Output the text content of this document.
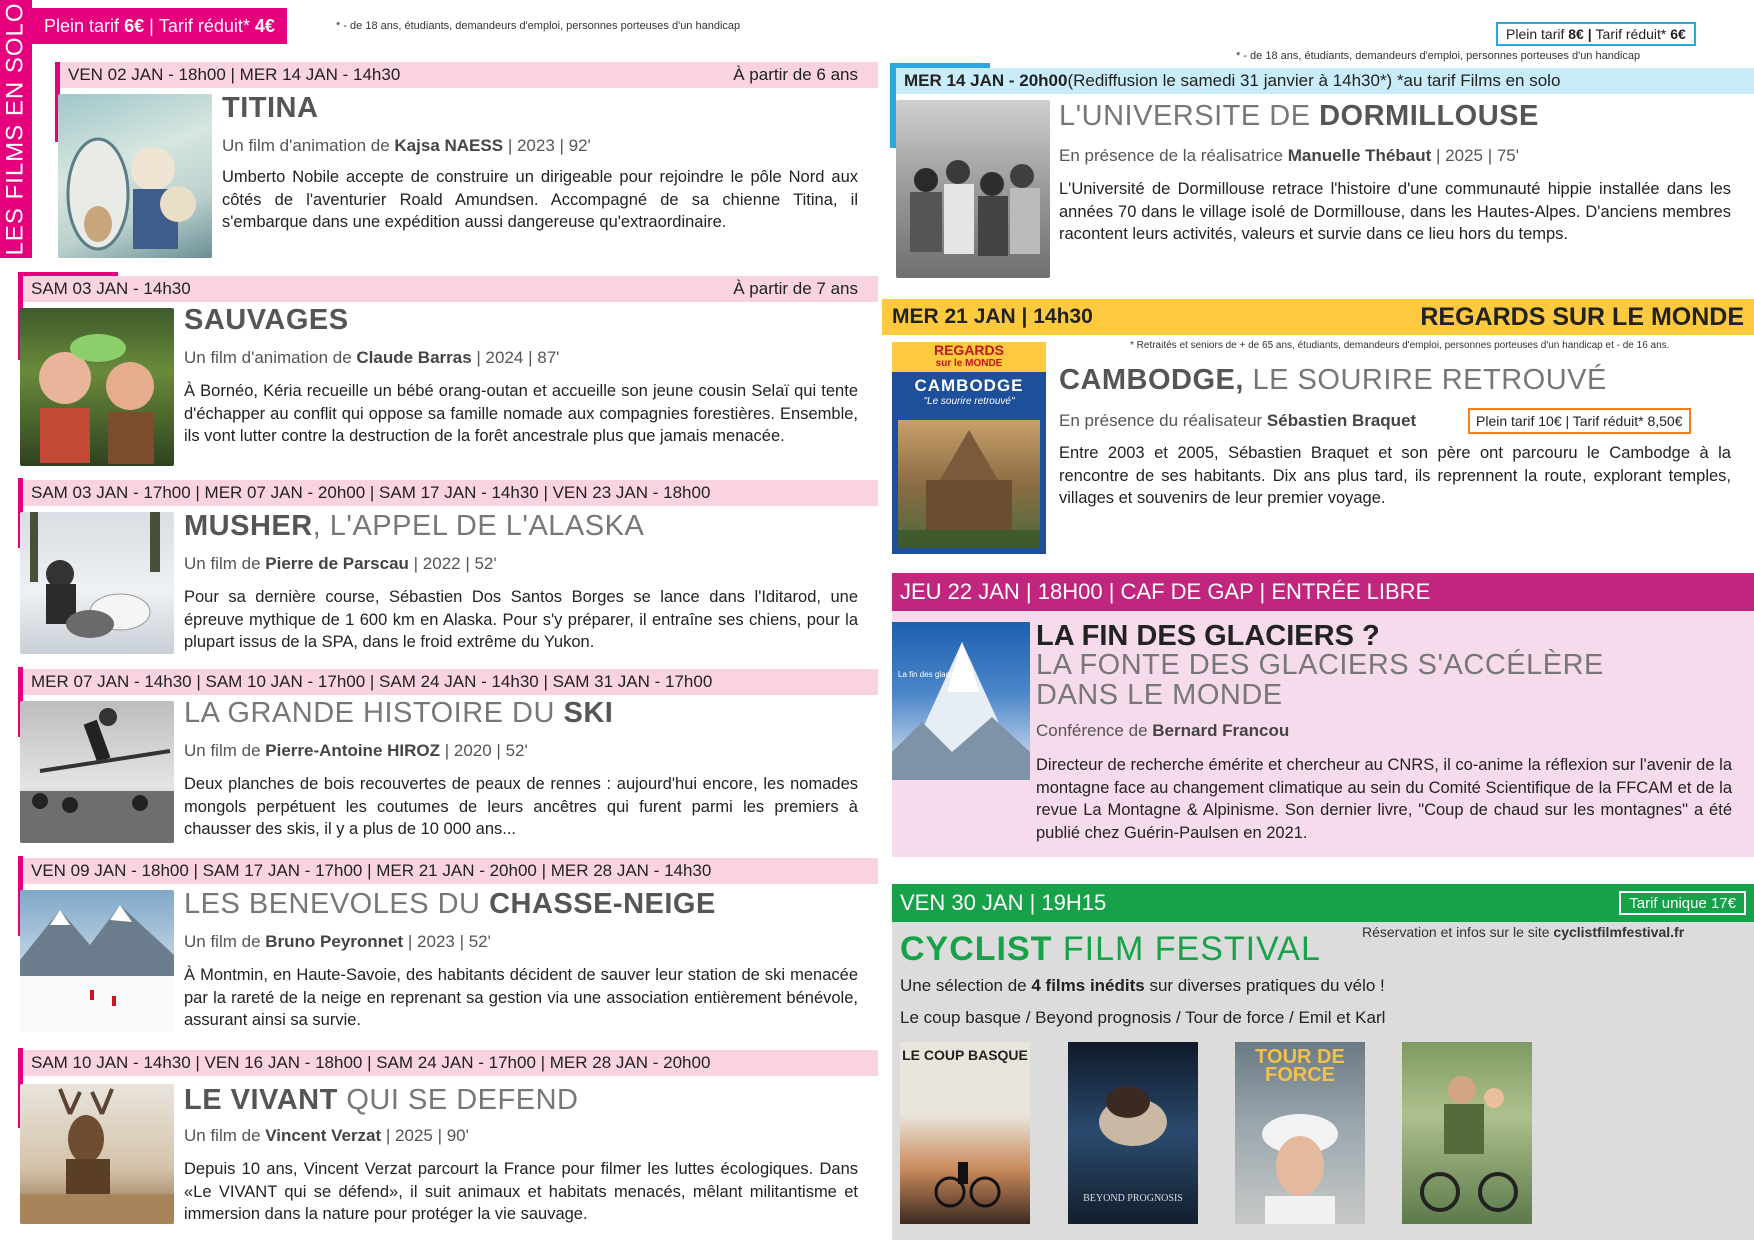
LES FILMS EN SOLO Plein tarif
6€
|
Tarif réduit*
4€	* - de 18 ans, étudiants, demandeurs d'emploi, personnes porteuses d'un handicap
VEN 02 JAN - 18h00 | MER 14 JAN - 14h30	À partir de 6 ans
TITINA
Un film d'animation de Kajsa NAESS | 2023 | 92'
Umberto Nobile accepte de construire un dirigeable pour rejoindre le pôle Nord aux côtés de l'aventurier Roald Amundsen. Accompagné de sa chienne Titina, il s'embarque dans une expédition aussi dangereuse qu'extraordinaire.
SAM 03 JAN - 14h30	À partir de 7 ans
SAUVAGES
Un film d'animation de Claude Barras | 2024 | 87'
À Bornéo, Kéria recueille un bébé orang-outan et accueille son jeune cousin Selaï qui tente d'échapper au conflit qui oppose sa famille nomade aux compagnies forestières. Ensemble, ils vont lutter contre la destruction de la forêt ancestrale plus que jamais menacée.
SAM 03 JAN - 17h00 | MER 07 JAN - 20h00 | SAM 17 JAN - 14h30 | VEN 23 JAN - 18h00
MUSHER, L'APPEL DE L'ALASKA
Un film de Pierre de Parscau | 2022 | 52'
Pour sa dernière course, Sébastien Dos Santos Borges se lance dans l'Iditarod, une épreuve mythique de 1 600 km en Alaska. Pour s'y préparer, il entraîne ses chiens, pour la plupart issus de la SPA, dans le froid extrême du Yukon.
MER 07 JAN - 14h30 | SAM 10 JAN - 17h00 | SAM 24 JAN - 14h30 | SAM 31 JAN - 17h00
LA GRANDE HISTOIRE DU SKI
Un film de Pierre-Antoine HIROZ | 2020 | 52'
Deux planches de bois recouvertes de peaux de rennes : aujourd'hui encore, les nomades mongols perpétuent les coutumes de leurs ancêtres qui furent parmi les premiers à chausser des skis, il y a plus de 10 000 ans...
VEN 09 JAN - 18h00 | SAM 17 JAN - 17h00 | MER 21 JAN - 20h00 | MER 28 JAN - 14h30
LES BENEVOLES DU CHASSE-NEIGE
Un film de Bruno Peyronnet | 2023 | 52'
À Montmin, en Haute-Savoie, des habitants décident de sauver leur station de ski menacée par la rareté de la neige en reprenant sa gestion via une association entièrement bénévole, assurant ainsi sa survie.
SAM 10 JAN - 14h30 | VEN 16 JAN - 18h00 | SAM 24 JAN - 17h00 | MER 28 JAN - 20h00
LE VIVANT QUI SE DEFEND
Un film de Vincent Verzat | 2025 | 90'
Depuis 10 ans, Vincent Verzat parcourt la France pour filmer les luttes écologiques. Dans «Le VIVANT qui se défend», il suit animaux et habitats menacés, mêlant militantisme et immersion dans la nature pour protéger la vie sauvage.
Plein tarif
8€
|
Tarif réduit*
6€
* - de 18 ans, étudiants, demandeurs d'emploi, personnes porteuses d'un handicap
MER 14 JAN - 20h00 (Rediffusion le samedi 31 janvier à 14h30*) *au tarif Films en solo
L'UNIVERSITE DE DORMILLOUSE
En présence de la réalisatrice Manuelle Thébaut | 2025 | 75'
L'Université de Dormillouse retrace l'histoire d'une communauté hippie installée dans les années 70 dans le village isolé de Dormillouse, dans les Hautes-Alpes. D'anciens membres racontent leurs activités, valeurs et survie dans ce lieu hors du temps.
MER 21 JAN | 14h30	REGARDS SUR LE MONDE
* Retraités et seniors de + de 65 ans, étudiants, demandeurs d'emploi, personnes porteuses d'un handicap et - de 16 ans.
REGARDS
sur le MONDE
CAMBODGE
"Le sourire retrouvé"
CAMBODGE, LE SOURIRE RETROUVÉ
En présence du réalisateur Sébastien Braquet	Plein tarif 10€ | Tarif réduit* 8,50€
Entre 2003 et 2005, Sébastien Braquet et son père ont parcouru le Cambodge à la rencontre de ses habitants. Dix ans plus tard, ils reprennent la route, explorant temples, villages et souvenirs de leur premier voyage.
JEU 22 JAN | 18H00 | CAF DE GAP | ENTRÉE LIBRE
La fin des glaciers ?
LA FIN DES GLACIERS ?
LA FONTE DES GLACIERS S'ACCÉLÈRE DANS LE MONDE
Conférence de Bernard Francou
Directeur de recherche émérite et chercheur au CNRS, il co-anime la réflexion sur l'avenir de la montagne face au changement climatique au sein du Comité Scientifique de la FFCAM et de la revue La Montagne & Alpinisme. Son dernier livre, "Coup de chaud sur les montagnes" a été publié chez Guérin-Paulsen en 2021.
VEN 30 JAN | 19H15	Tarif unique 17€
Réservation et infos sur le site cyclistfilmfestival.fr
CYCLIST FILM FESTIVAL
Une sélection de 4 films inédits sur diverses pratiques du vélo !
Le coup basque / Beyond prognosis / Tour de force / Emil et Karl
LE COUP BASQUE
BEYOND PROGNOSIS
TOUR DE FORCE
